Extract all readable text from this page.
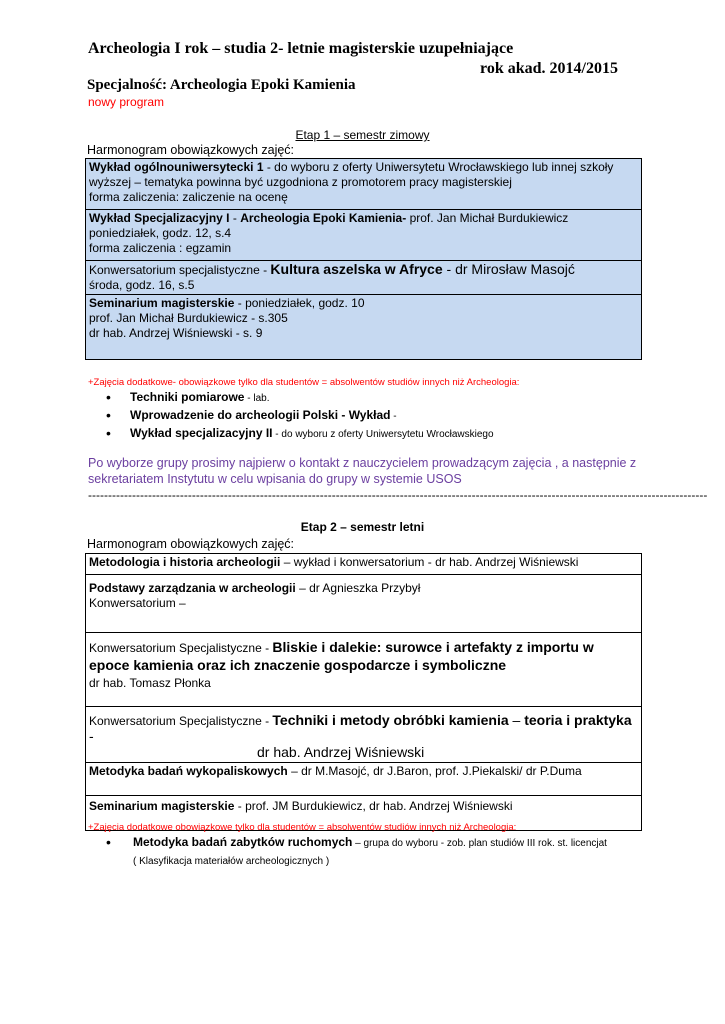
Archeologia I rok – studia 2- letnie magisterskie uzupełniające
rok akad. 2014/2015
Specjalność: Archeologia Epoki Kamienia
nowy program
Etap 1 – semestr zimowy
Harmonogram obowiązkowych zajęć:
Wykład ogólnouniwersytecki 1 - do wyboru z oferty Uniwersytetu Wrocławskiego lub innej szkoły wyższej – tematyka powinna być uzgodniona z promotorem pracy magisterskiej
forma zaliczenia: zaliczenie na ocenę
Wykład Specjalizacyjny I - Archeologia Epoki Kamienia- prof. Jan Michał Burdukiewicz
poniedziałek, godz. 12, s.4
forma zaliczenia : egzamin
Konwersatorium specjalistyczne - Kultura aszelska w Afryce - dr Mirosław Masojć
środa, godz. 16, s.5
Seminarium magisterskie - poniedziałek, godz. 10
prof. Jan Michał Burdukiewicz - s.305
dr hab. Andrzej Wiśniewski - s. 9
+Zajęcia dodatkowe- obowiązkowe tylko dla studentów = absolwentów studiów innych niż Archeologia:
• Techniki pomiarowe - lab.
• Wprowadzenie do archeologii Polski - Wykład -
• Wykład specjalizacyjny II - do wyboru z oferty Uniwersytetu Wrocławskiego
Po wyborze grupy prosimy najpierw o kontakt z nauczycielem prowadzącym zajęcia , a następnie z sekretariatem Instytutu w celu wpisania do grupy w systemie USOS
-----------------------------------------------------------------------------------------------------------------------------------------------------------
Etap 2 – semestr letni
Harmonogram obowiązkowych zajęć:
Metodologia i historia archeologii – wykład i konwersatorium - dr hab. Andrzej Wiśniewski
Podstawy zarządzania w archeologii – dr Agnieszka Przybył
Konwersatorium –
Konwersatorium Specjalistyczne - Bliskie i dalekie: surowce i artefakty z importu w epoce kamienia oraz ich znaczenie gospodarcze i symboliczne
dr hab. Tomasz Płonka
Konwersatorium Specjalistyczne - Techniki i metody obróbki kamienia – teoria i praktyka -
dr hab. Andrzej Wiśniewski
Metodyka badań wykopaliskowych – dr M.Masojć, dr J.Baron, prof. J.Piekalski/ dr P.Duma
Seminarium magisterskie - prof. JM Burdukiewicz, dr hab. Andrzej Wiśniewski
+Zajęcia dodatkowe obowiązkowe tylko dla studentów = absolwentów studiów innych niż Archeologia:
• Metodyka badań zabytków ruchomych – grupa do wyboru - zob. plan studiów III rok. st. licencjat
( Klasyfikacja materiałów archeologicznych )
